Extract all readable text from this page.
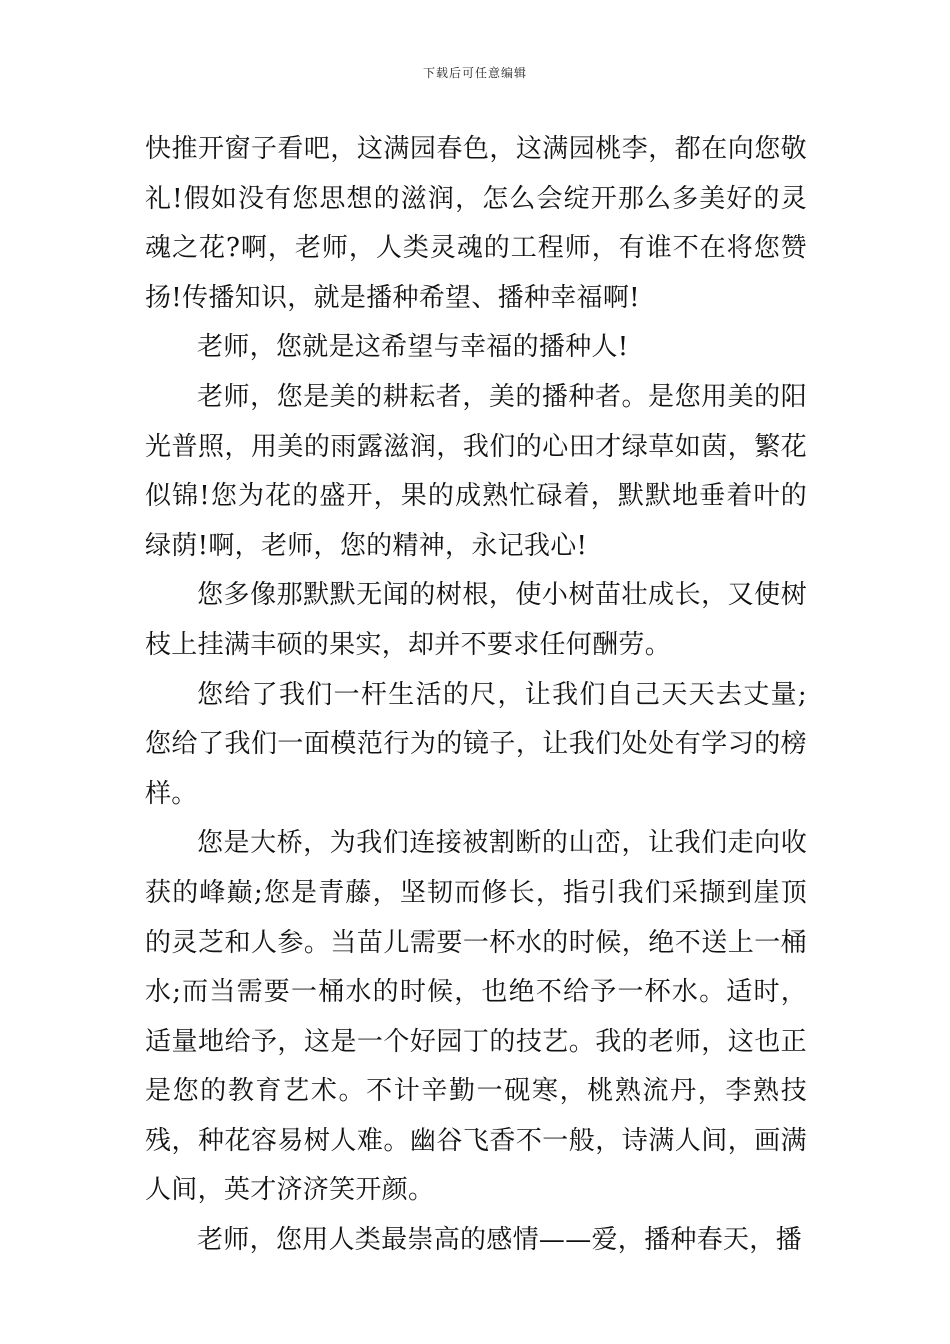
下载后可任意编辑

快推开窗子看吧，这满园春色，这满园桃李，都在向您敬礼!假如没有您思想的滋润，怎么会绽开那么多美好的灵魂之花?啊，老师，人类灵魂的工程师，有谁不在将您赞扬!传播知识，就是播种希望、播种幸福啊!

老师，您就是这希望与幸福的播种人!

老师，您是美的耕耘者，美的播种者。是您用美的阳光普照，用美的雨露滋润，我们的心田才绿草如茵，繁花似锦!您为花的盛开，果的成熟忙碌着，默默地垂着叶的绿荫!啊，老师，您的精神，永记我心!

您多像那默默无闻的树根，使小树苗壮成长，又使树枝上挂满丰硕的果实，却并不要求任何酬劳。

您给了我们一杆生活的尺，让我们自己天天去丈量;您给了我们一面模范行为的镜子，让我们处处有学习的榜样。

您是大桥，为我们连接被割断的山峦，让我们走向收获的峰巅;您是青藤，坚韧而修长，指引我们采撷到崖顶的灵芝和人参。当苗儿需要一杯水的时候，绝不送上一桶水;而当需要一桶水的时候，也绝不给予一杯水。适时，适量地给予，这是一个好园丁的技艺。我的老师，这也正是您的教育艺术。不计辛勤一砚寒，桃熟流丹，李熟技残，种花容易树人难。幽谷飞香不一般，诗满人间，画满人间，英才济济笑开颜。

老师，您用人类最崇高的感情——爱，播种春天，播
